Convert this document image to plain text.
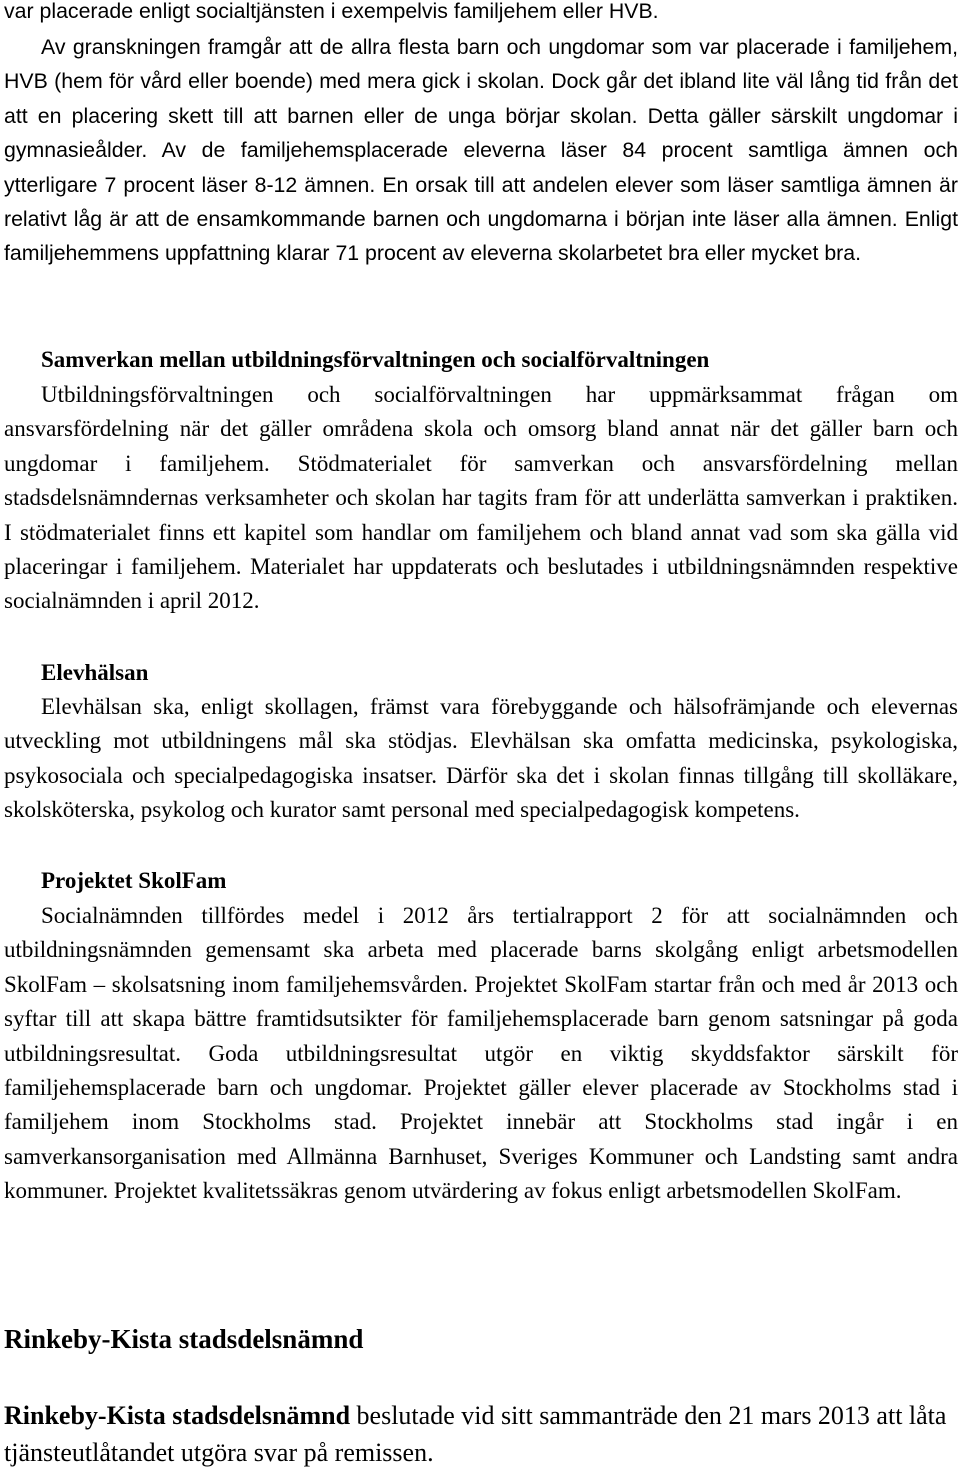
var placerade enligt socialtjänsten i exempelvis familjehem eller HVB.

Av granskningen framgår att de allra flesta barn och ungdomar som var placerade i familjehem, HVB (hem för vård eller boende) med mera gick i skolan. Dock går det ibland lite väl lång tid från det att en placering skett till att barnen eller de unga börjar skolan. Detta gäller särskilt ungdomar i gymnasieålder. Av de familjehemsplacerade eleverna läser 84 procent samtliga ämnen och ytterligare 7 procent läser 8-12 ämnen. En orsak till att andelen elever som läser samtliga ämnen är relativt låg är att de ensamkommande barnen och ungdomarna i början inte läser alla ämnen. Enligt familjehemmens uppfattning klarar 71 procent av eleverna skolarbetet bra eller mycket bra.

Samverkan mellan utbildningsförvaltningen och socialförvaltningen

Utbildningsförvaltningen och socialförvaltningen har uppmärksammat frågan om ansvarsfördelning när det gäller områdena skola och omsorg bland annat när det gäller barn och ungdomar i familjehem. Stödmaterialet för samverkan och ansvarsfördelning mellan stadsdelsnämndernas verksamheter och skolan har tagits fram för att underlätta samverkan i praktiken. I stödmaterialet finns ett kapitel som handlar om familjehem och bland annat vad som ska gälla vid placeringar i familjehem. Materialet har uppdaterats och beslutades i utbildningsnämnden respektive socialnämnden i april 2012.

Elevhälsan

Elevhälsan ska, enligt skollagen, främst vara förebyggande och hälsofrämjande och elevernas utveckling mot utbildningens mål ska stödjas. Elevhälsan ska omfatta medicinska, psykologiska, psykosociala och specialpedagogiska insatser. Därför ska det i skolan finnas tillgång till skolläkare, skolsköterska, psykolog och kurator samt personal med specialpedagogisk kompetens.

Projektet SkolFam

Socialnämnden tillfördes medel i 2012 års tertialrapport 2 för att socialnämnden och utbildningsnämnden gemensamt ska arbeta med placerade barns skolgång enligt arbetsmodellen SkolFam – skolsatsning inom familjehemsvården. Projektet SkolFam startar från och med år 2013 och syftar till att skapa bättre framtidsutsikter för familjehemsplacerade barn genom satsningar på goda utbildningsresultat. Goda utbildningsresultat utgör en viktig skyddsfaktor särskilt för familjehemsplacerade barn och ungdomar. Projektet gäller elever placerade av Stockholms stad i familjehem inom Stockholms stad. Projektet innebär att Stockholms stad ingår i en samverkansorganisation med Allmänna Barnhuset, Sveriges Kommuner och Landsting samt andra kommuner. Projektet kvalitetssäkras genom utvärdering av fokus enligt arbetsmodellen SkolFam.

Rinkeby-Kista stadsdelsnämnd

Rinkeby-Kista stadsdelsnämnd beslutade vid sitt sammanträde den 21 mars 2013 att låta tjänsteutlåtandet utgöra svar på remissen.
